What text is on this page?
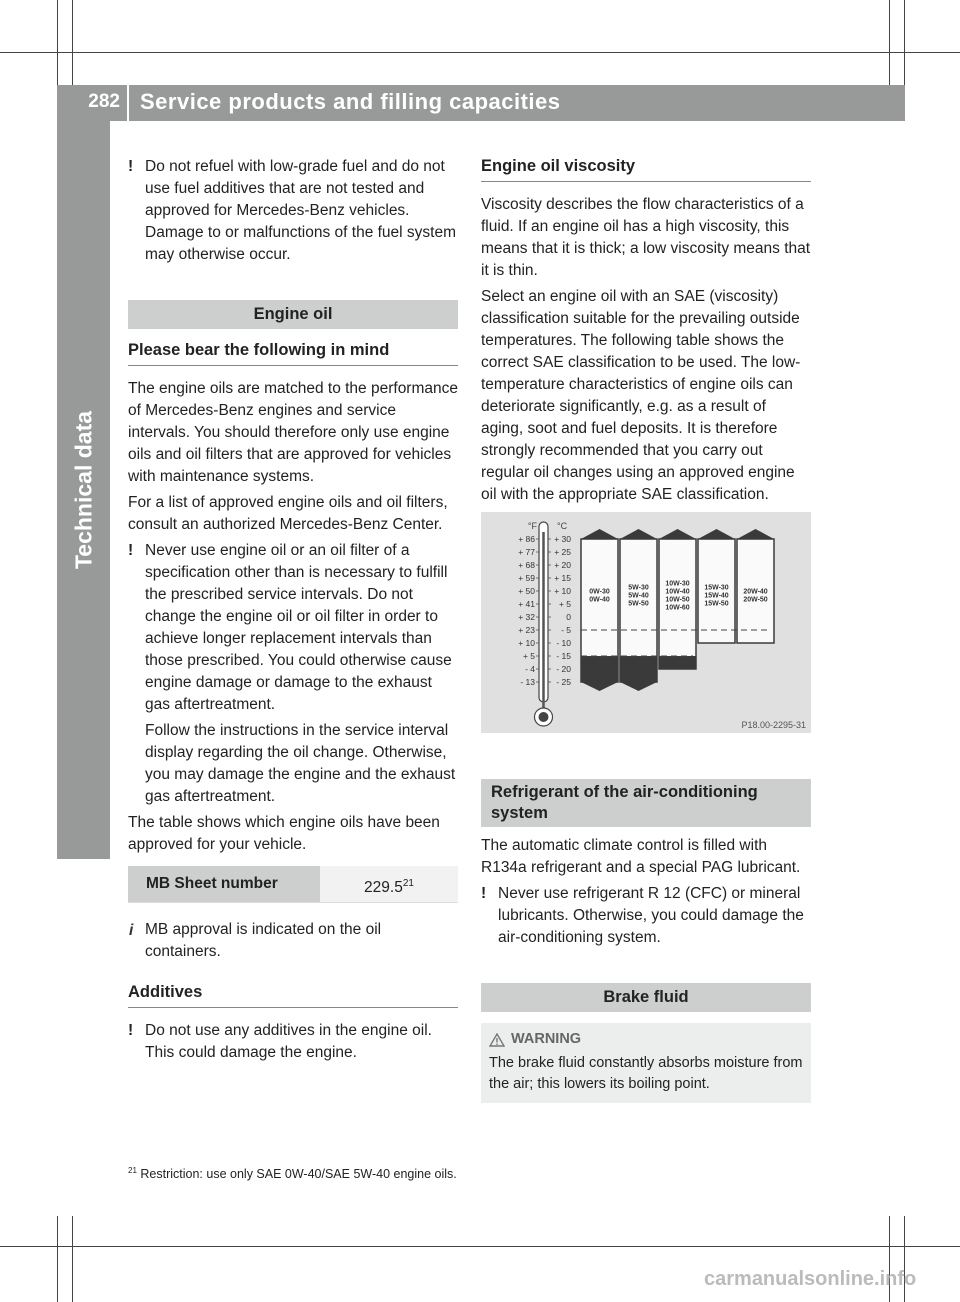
282 Service products and filling capacities
Technical data
! Do not refuel with low-grade fuel and do not use fuel additives that are not tested and approved for Mercedes-Benz vehicles. Damage to or malfunctions of the fuel system may otherwise occur.
Engine oil
Please bear the following in mind

The engine oils are matched to the performance of Mercedes-Benz engines and service intervals. You should therefore only use engine oils and oil filters that are approved for vehicles with maintenance systems.

For a list of approved engine oils and oil filters, consult an authorized Mercedes-Benz Center.

! Never use engine oil or an oil filter of a specification other than is necessary to fulfill the prescribed service intervals. Do not change the engine oil or oil filter in order to achieve longer replacement intervals than those prescribed. You could otherwise cause engine damage or damage to the exhaust gas aftertreatment.

Follow the instructions in the service interval display regarding the oil change. Otherwise, you may damage the engine and the exhaust gas aftertreatment.

The table shows which engine oils have been approved for your vehicle.

MB Sheet number	229.5$^{21}$
i MB approval is indicated on the oil containers.
Additives
! Do not use any additives in the engine oil. This could damage the engine.
Engine oil viscosity

Viscosity describes the flow characteristics of a fluid. If an engine oil has a high viscosity, this means that it is thick; a low viscosity means that it is thin.

Select an engine oil with an SAE (viscosity) classification suitable for the prevailing outside temperatures. The following table shows the correct SAE classification to be used. The low-temperature characteristics of engine oils can deteriorate significantly, e.g. as a result of aging, soot and fuel deposits. It is therefore strongly recommended that you carry out regular oil changes using an approved engine oil with the appropriate SAE classification.

°F °C
+ 86 + 30
+ 77 + 25
+ 68 + 20
+ 59 + 15
+ 50 + 10
+ 41	+ 5
+ 32	0
+ 23	- 5
+ 10	- 10
+ 5	- 15
- 4	- 20
- 13	- 25
0W-30
0W-40
5W-30
5W-40
5W-50
10W-30
10W-40
10W-50
10W-60
15W-30
15W-40
15W-50
20W-40
20W-50
P18.00-2295-31
Refrigerant of the air-conditioning system

The automatic climate control is filled with R134a refrigerant and a special PAG lubricant.

! Never use refrigerant R 12 (CFC) or mineral lubricants. Otherwise, you could damage the air-conditioning system.
Brake fluid
WARNING
The brake fluid constantly absorbs moisture from the air; this lowers its boiling point.
$^{21}$ Restriction: use only SAE 0W-40/SAE 5W-40 engine oils.
carmanualsonline.info
